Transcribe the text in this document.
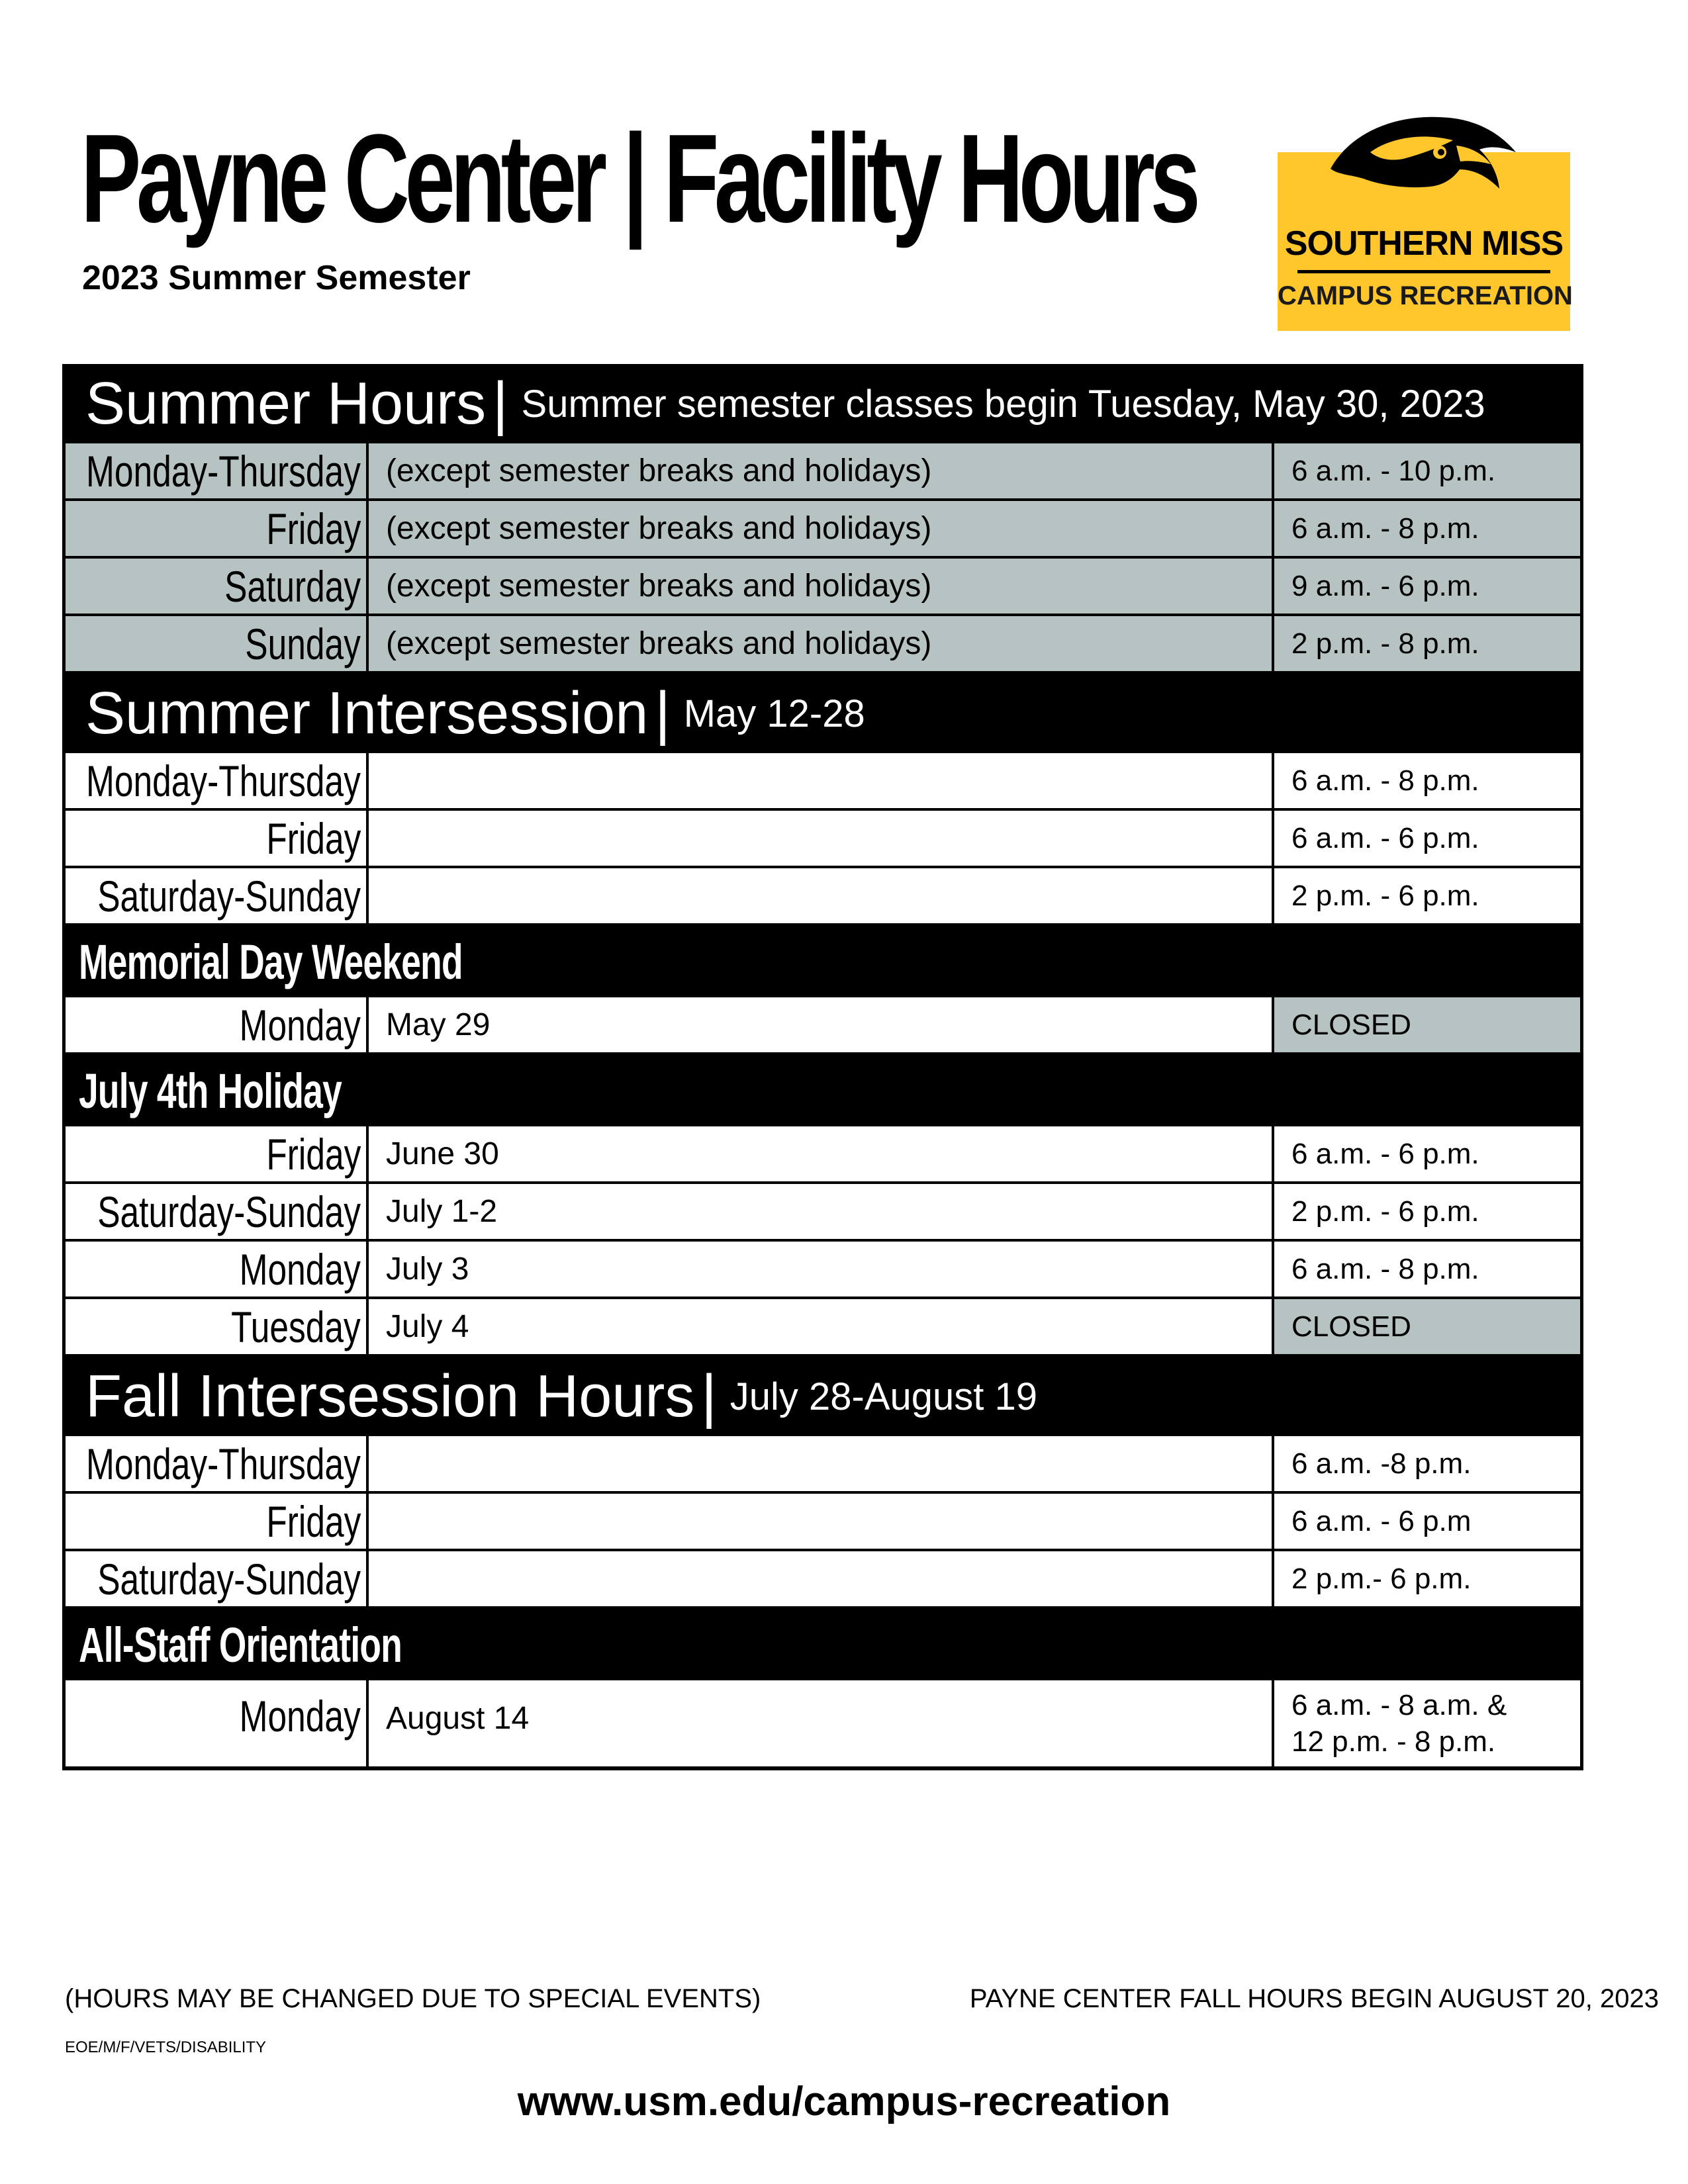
Payne Center | Facility Hours
2023 Summer Semester
SOUTHERN MISS
CAMPUS RECREATION
Summer Hours | Summer semester classes begin Tuesday, May 30, 2023
Monday-Thursday (except semester breaks and holidays)	6 a.m. - 10 p.m.
Friday (except semester breaks and holidays)	6 a.m. - 8 p.m.
Saturday (except semester breaks and holidays)	9 a.m. - 6 p.m.
Sunday (except semester breaks and holidays)	2 p.m. - 8 p.m.
Summer Intersession | May 12-28
Monday-Thursday	6 a.m. - 8 p.m.
Friday	6 a.m. - 6 p.m.
Saturday-Sunday	2 p.m. - 6 p.m.
Memorial Day Weekend
Monday May 29	CLOSED
July 4th Holiday
Friday June 30	6 a.m. - 6 p.m.
Saturday-Sunday July 1-2	2 p.m. - 6 p.m.
Monday July 3	6 a.m. - 8 p.m.
Tuesday July 4	CLOSED
Fall Intersession Hours | July 28-August 19
Monday-Thursday	6 a.m. -8 p.m.
Friday	6 a.m. - 6 p.m
Saturday-Sunday	2 p.m.- 6 p.m.
All-Staff Orientation
Monday August 14	6 a.m. - 8 a.m. &
12 p.m. - 8 p.m.
(HOURS MAY BE CHANGED DUE TO SPECIAL EVENTS)
EOE/M/F/VETS/DISABILITY
PAYNE CENTER FALL HOURS BEGIN AUGUST 20, 2023
www.usm.edu/campus-recreation
